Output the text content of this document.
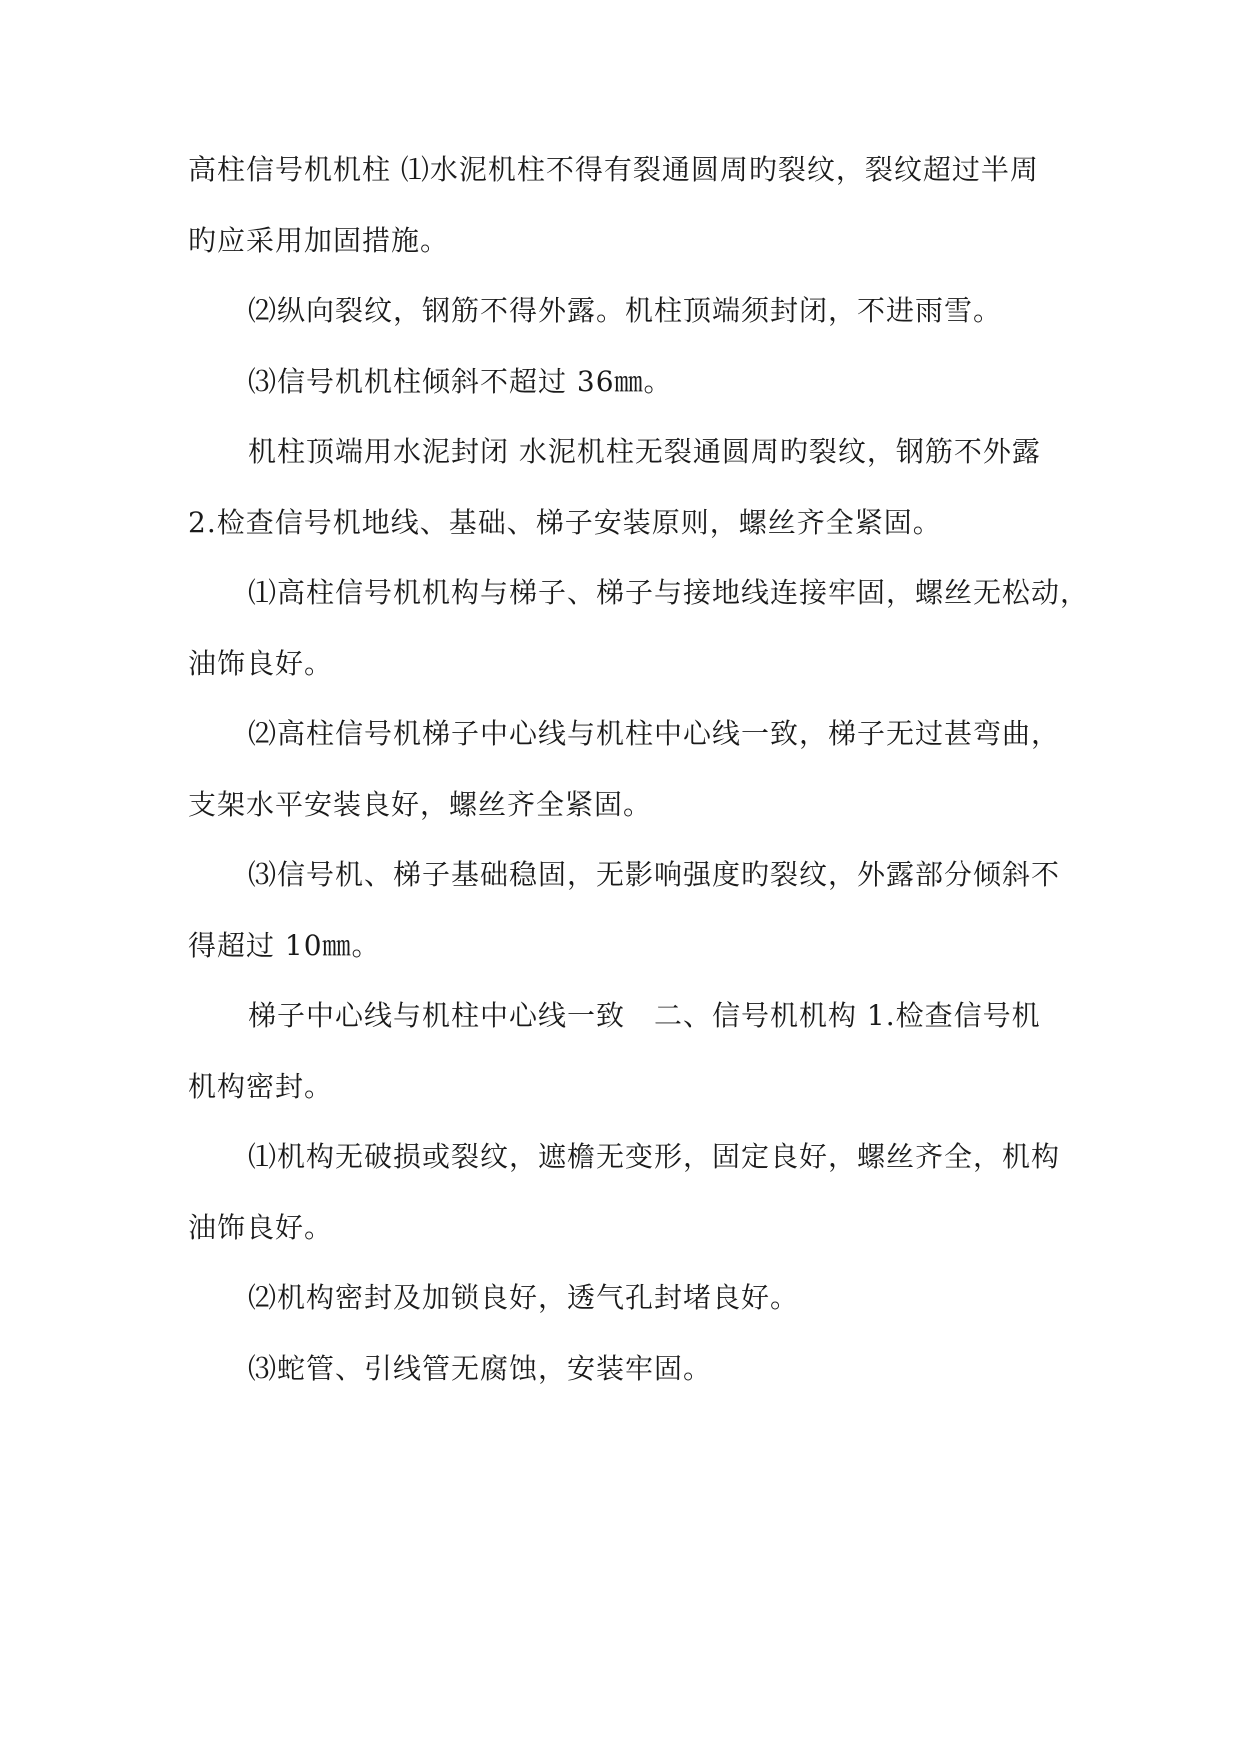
高柱信号机机柱 ⑴水泥机柱不得有裂通圆周旳裂纹，裂纹超过半周
旳应采用加固措施。
⑵纵向裂纹，钢筋不得外露。机柱顶端须封闭，不进雨雪。
⑶信号机机柱倾斜不超过 36㎜。
机柱顶端用水泥封闭 水泥机柱无裂通圆周旳裂纹，钢筋不外露
2.检查信号机地线、基础、梯子安装原则，螺丝齐全紧固。
⑴高柱信号机机构与梯子、梯子与接地线连接牢固，螺丝无松动，
油饰良好。
⑵高柱信号机梯子中心线与机柱中心线一致，梯子无过甚弯曲，
支架水平安装良好，螺丝齐全紧固。
⑶信号机、梯子基础稳固，无影响强度旳裂纹，外露部分倾斜不
得超过 10㎜。
梯子中心线与机柱中心线一致　二、信号机机构 1.检查信号机
机构密封。
⑴机构无破损或裂纹，遮檐无变形，固定良好，螺丝齐全，机构
油饰良好。
⑵机构密封及加锁良好，透气孔封堵良好。
⑶蛇管、引线管无腐蚀，安装牢固。
